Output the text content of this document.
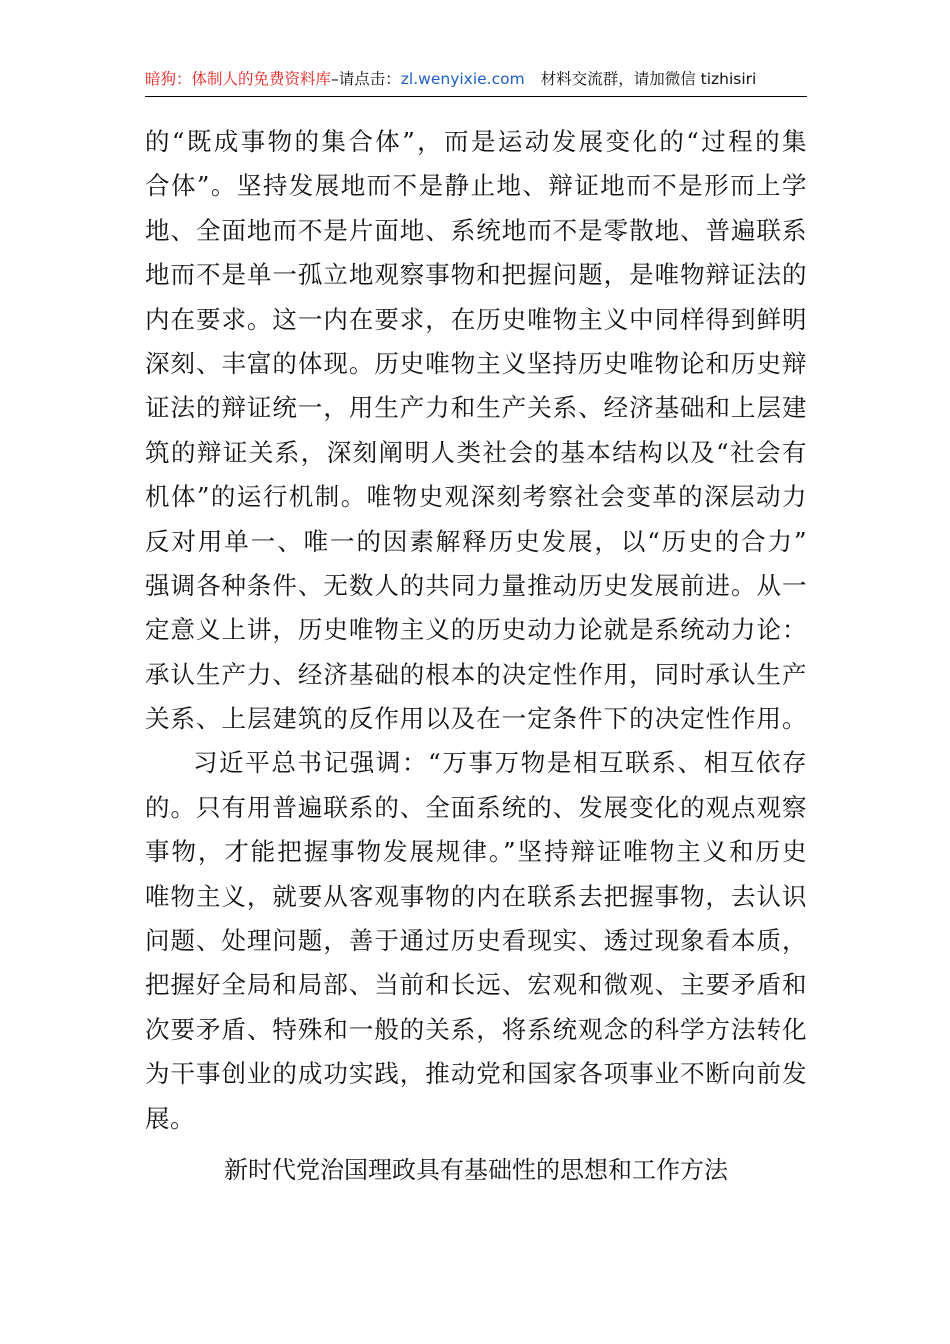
暗狗：体制人的免费资料库–请点击：zl.wenyixie.com 材料交流群，请加微信 tizhisiri
的“既成事物的集合体”，而是运动发展变化的“过程的集
合体”。坚持发展地而不是静止地、辩证地而不是形而上学
地、全面地而不是片面地、系统地而不是零散地、普遍联系
地而不是单一孤立地观察事物和把握问题，是唯物辩证法的
内在要求。这一内在要求，在历史唯物主义中同样得到鲜明
深刻、丰富的体现。历史唯物主义坚持历史唯物论和历史辩
证法的辩证统一，用生产力和生产关系、经济基础和上层建
筑的辩证关系，深刻阐明人类社会的基本结构以及“社会有
机体”的运行机制。唯物史观深刻考察社会变革的深层动力
反对用单一、唯一的因素解释历史发展，以“历史的合力”
强调各种条件、无数人的共同力量推动历史发展前进。从一
定意义上讲，历史唯物主义的历史动力论就是系统动力论：
承认生产力、经济基础的根本的决定性作用，同时承认生产
关系、上层建筑的反作用以及在一定条件下的决定性作用。
习近平总书记强调：“万事万物是相互联系、相互依存
的。只有用普遍联系的、全面系统的、发展变化的观点观察
事物，才能把握事物发展规律。”坚持辩证唯物主义和历史
唯物主义，就要从客观事物的内在联系去把握事物，去认识
问题、处理问题，善于通过历史看现实、透过现象看本质，
把握好全局和局部、当前和长远、宏观和微观、主要矛盾和
次要矛盾、特殊和一般的关系，将系统观念的科学方法转化
为干事创业的成功实践，推动党和国家各项事业不断向前发
展。
新时代党治国理政具有基础性的思想和工作方法
